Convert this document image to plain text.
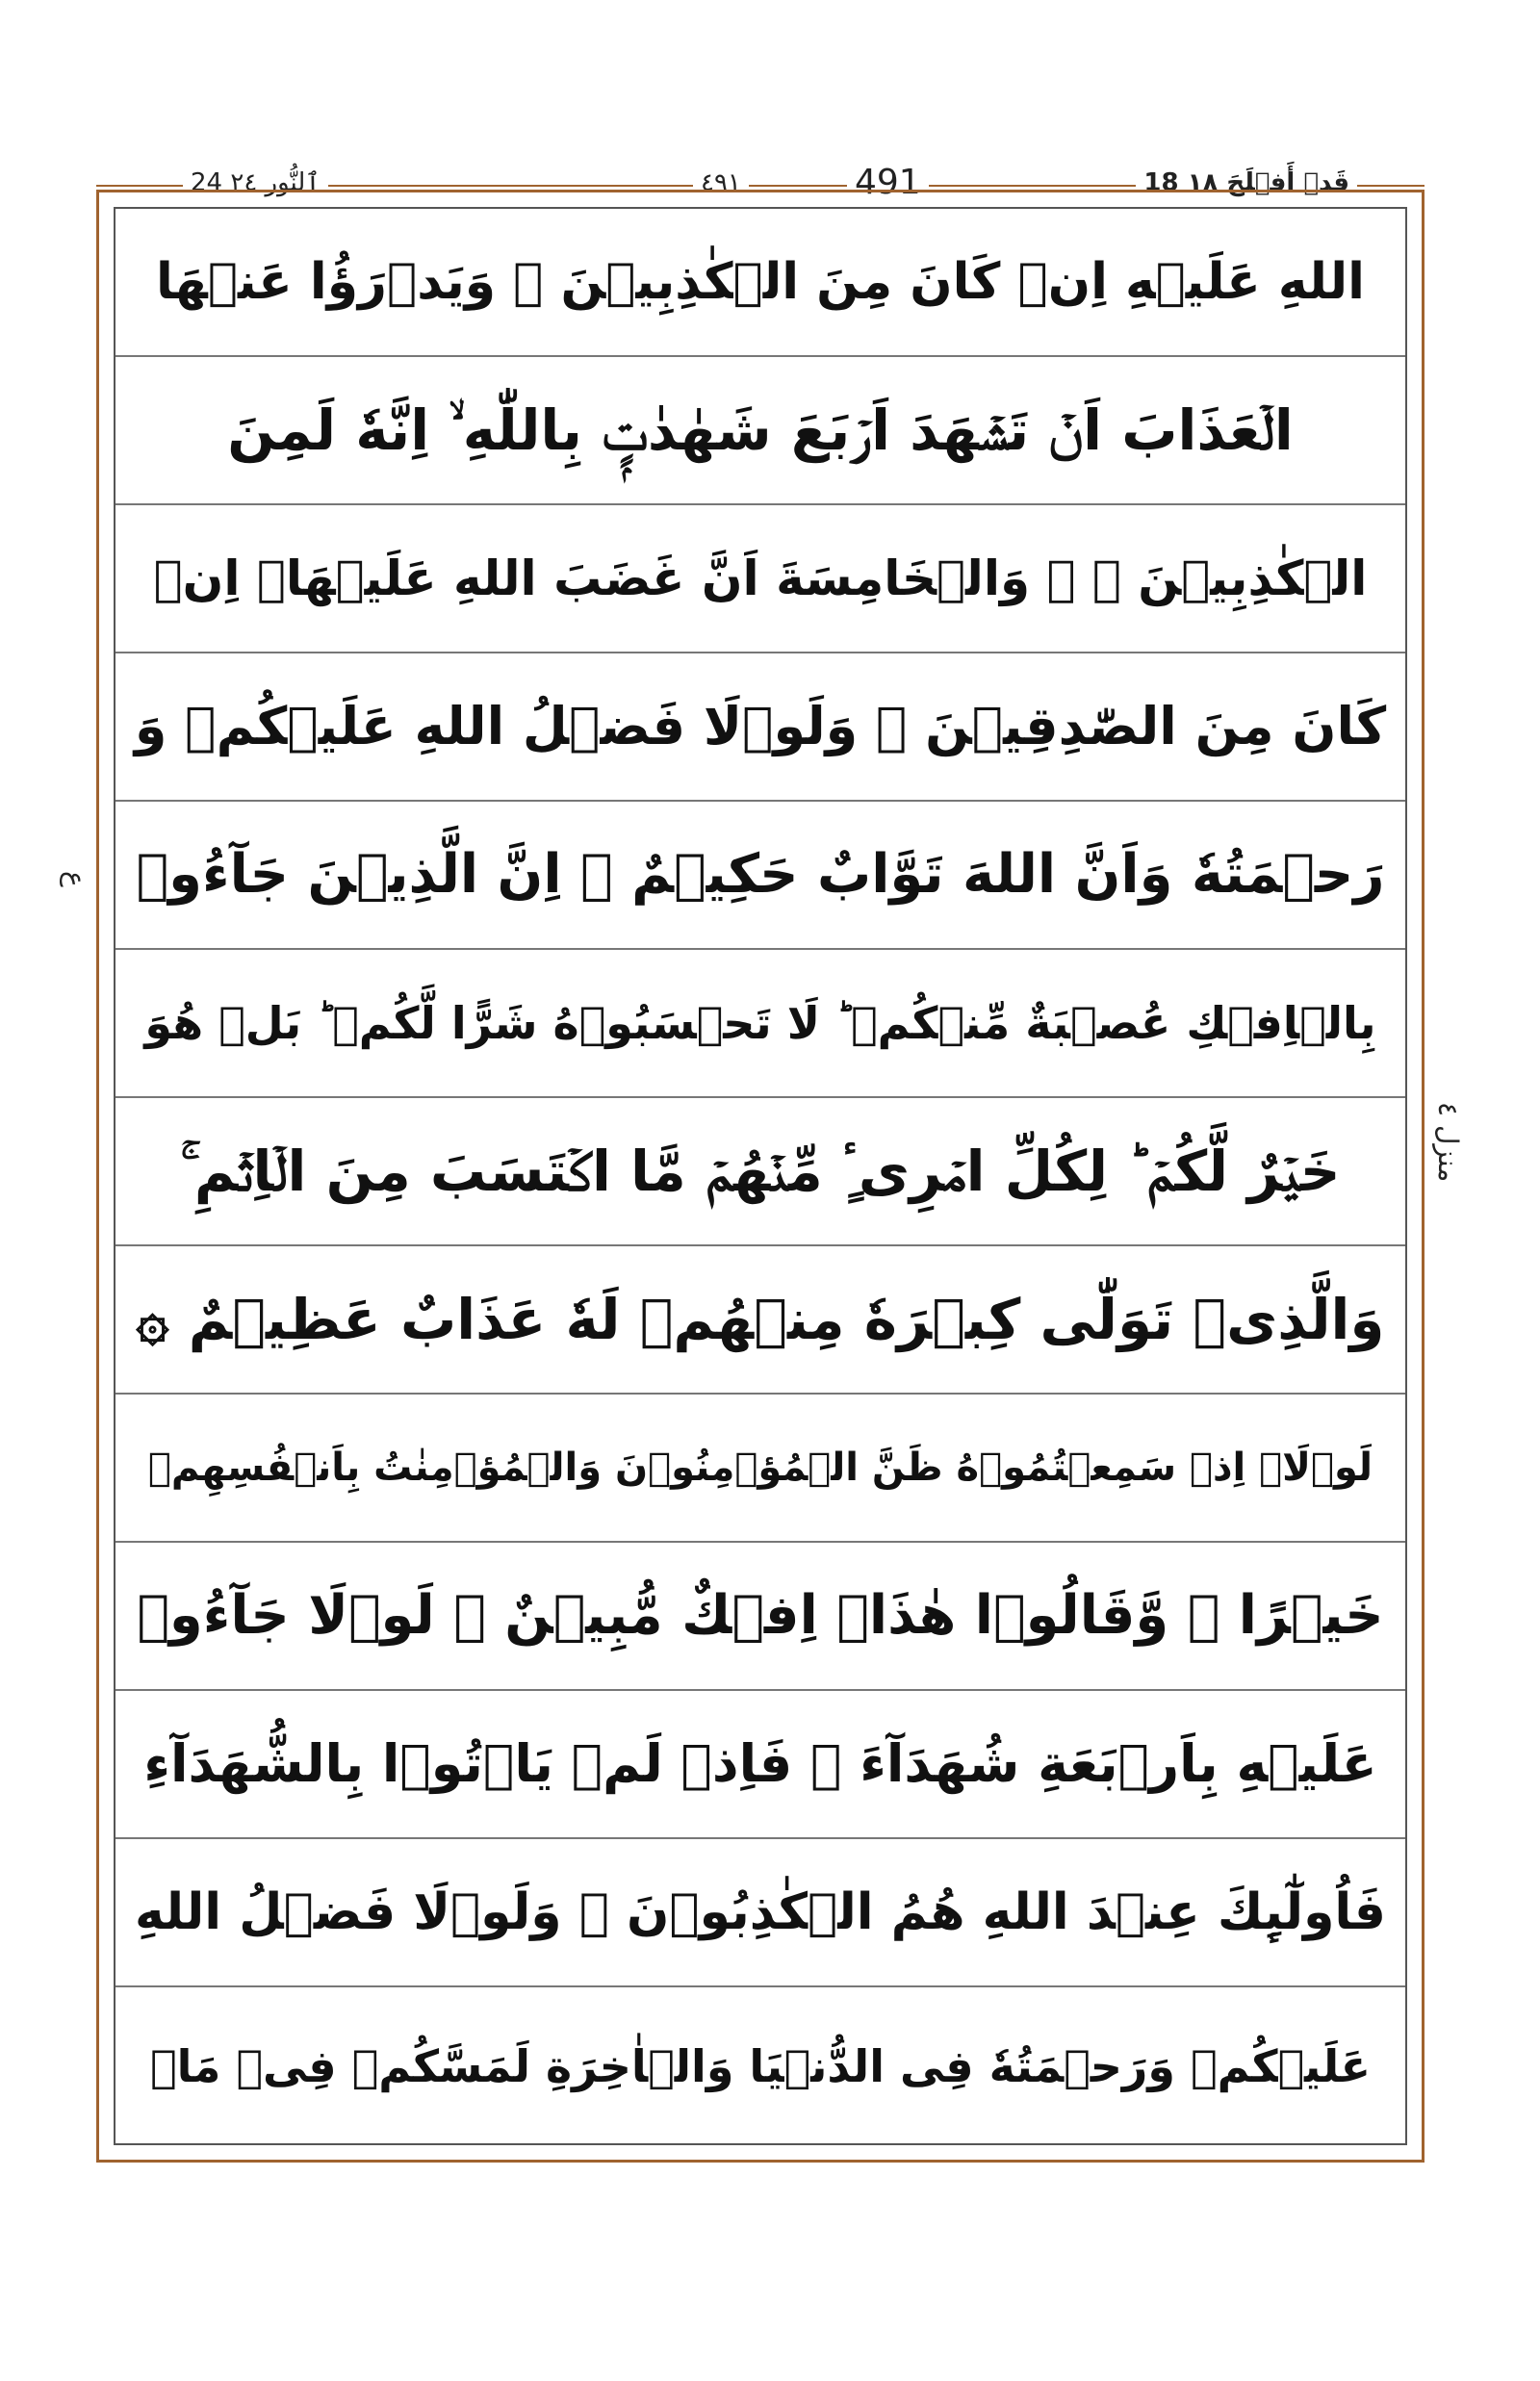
24 ٱلنُّور ٢٤	٤٩١	491	18 قَدۡ أَفۡلَحَ ١٨
اللهِ عَلَيۡهِ اِنۡ كَانَ مِنَ الۡكٰذِبِيۡنَ ۞ وَيَدۡرَؤُا عَنۡهَا
الۡعَذَابَ اَنۡ تَشۡهَدَ اَرۡبَعَ شَهٰدٰتٍۭ بِاللّٰهِ ۙ اِنَّهٗ لَمِنَ
الۡكٰذِبِيۡنَ ۙ ۞ وَالۡخَامِسَةَ اَنَّ غَضَبَ اللهِ عَلَيۡهَاۤ اِنۡ
كَانَ مِنَ الصّٰدِقِيۡنَ ۞ وَلَوۡلَا فَضۡلُ اللهِ عَلَيۡكُمۡ وَ
رَحۡمَتُهٗ وَاَنَّ اللهَ تَوَّابٌ حَكِيۡمٌ ۞ اِنَّ الَّذِيۡنَ جَآءُوۡ
بِالۡاِفۡكِ عُصۡبَةٌ مِّنۡكُمۡ ؕ لَا تَحۡسَبُوۡهُ شَرًّا لَّكُمۡ ؕ بَلۡ هُوَ
خَيۡرٌ لَّكُمۡ ؕ لِكُلِّ امۡرِیٴٍ مِّنۡهُمۡ مَّا اكۡتَسَبَ مِنَ الۡاِثۡمِ ۚ
وَالَّذِیۡ تَوَلّٰى كِبۡرَهٗ مِنۡهُمۡ لَهٗ عَذَابٌ عَظِيۡمٌ ۞
لَوۡلَاۤ اِذۡ سَمِعۡتُمُوۡهُ ظَنَّ الۡمُؤۡمِنُوۡنَ وَالۡمُؤۡمِنٰتُ بِاَنۡفُسِهِمۡ
خَيۡرًا ۙ وَّقَالُوۡا هٰذَاۤ اِفۡكٌ مُّبِيۡنٌ ۞ لَوۡلَا جَآءُوۡ
عَلَيۡهِ بِاَرۡبَعَةِ شُهَدَآءَ ۚ فَاِذۡ لَمۡ يَاۡتُوۡا بِالشُّهَدَآءِ
فَاُولٰٓٮِٕكَ عِنۡدَ اللهِ هُمُ الۡكٰذِبُوۡنَ ۞ وَلَوۡلَا فَضۡلُ اللهِ
عَلَيۡكُمۡ وَرَحۡمَتُهٗ فِی الدُّنۡيَا وَالۡاٰخِرَةِ لَمَسَّكُمۡ فِیۡ مَاۤ
ع
منزل ٤
